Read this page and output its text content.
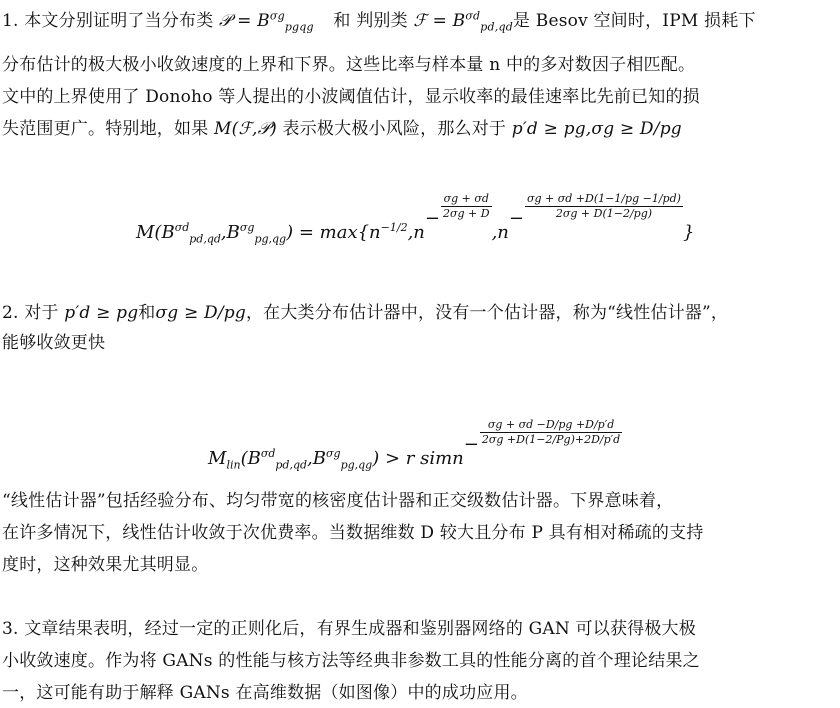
1. 本文分别证明了当分布类 𝒫 = $B^{\sigma g}_{pgqg}$ 和 判别类 ℱ = $B^{\sigma d}_{pd,qd}$是 Besov 空间时，IPM 损耗下
分布估计的极大极小收敛速度的上界和下界。这些比率与样本量 n 中的多对数因子相匹配。
文中的上界使用了 Donoho 等人提出的小波阈值估计，显示收率的最佳速率比先前已知的损
失范围更广。特别地，如果 M(ℱ,𝒫) 表示极大极小风险，那么对于 p′d ≥ pg,σg ≥ D/pg
$M(B^{\sigma d}_{pd,qd},B^{\sigma g}_{pg,qg}) = \max\{n^{-1/2},n- \frac{\sigma g + \sigma d}{2\sigma g + D}$
$,n- \frac{\sigma g + \sigma d +D(1-1/pg -1/pd)}{2\sigma g + D(1-2/pg)}$
}
2. 对于 p′d ≥ pg和σg ≥ D/pg，在大类分布估计器中，没有一个估计器，称为“线性估计器”，
能够收敛更快
$M_{lin}(B^{\sigma d}_{pd,qd},B^{\sigma g}_{pg,qg}) > r$ simn− $\frac{\sigma g + \sigma d -D/pg +D/p'd}{2\sigma g +D(1-2/Pg)+2D/p'd}$
“线性估计器”包括经验分布、均匀带宽的核密度估计器和正交级数估计器。下界意味着，
在许多情况下，线性估计收敛于次优费率。当数据维数 D 较大且分布 P 具有相对稀疏的支持
度时，这种效果尤其明显。
3. 文章结果表明，经过一定的正则化后，有界生成器和鉴别器网络的 GAN 可以获得极大极
小收敛速度。作为将 GANs 的性能与核方法等经典非参数工具的性能分离的首个理论结果之
一，这可能有助于解释 GANs 在高维数据（如图像）中的成功应用。
